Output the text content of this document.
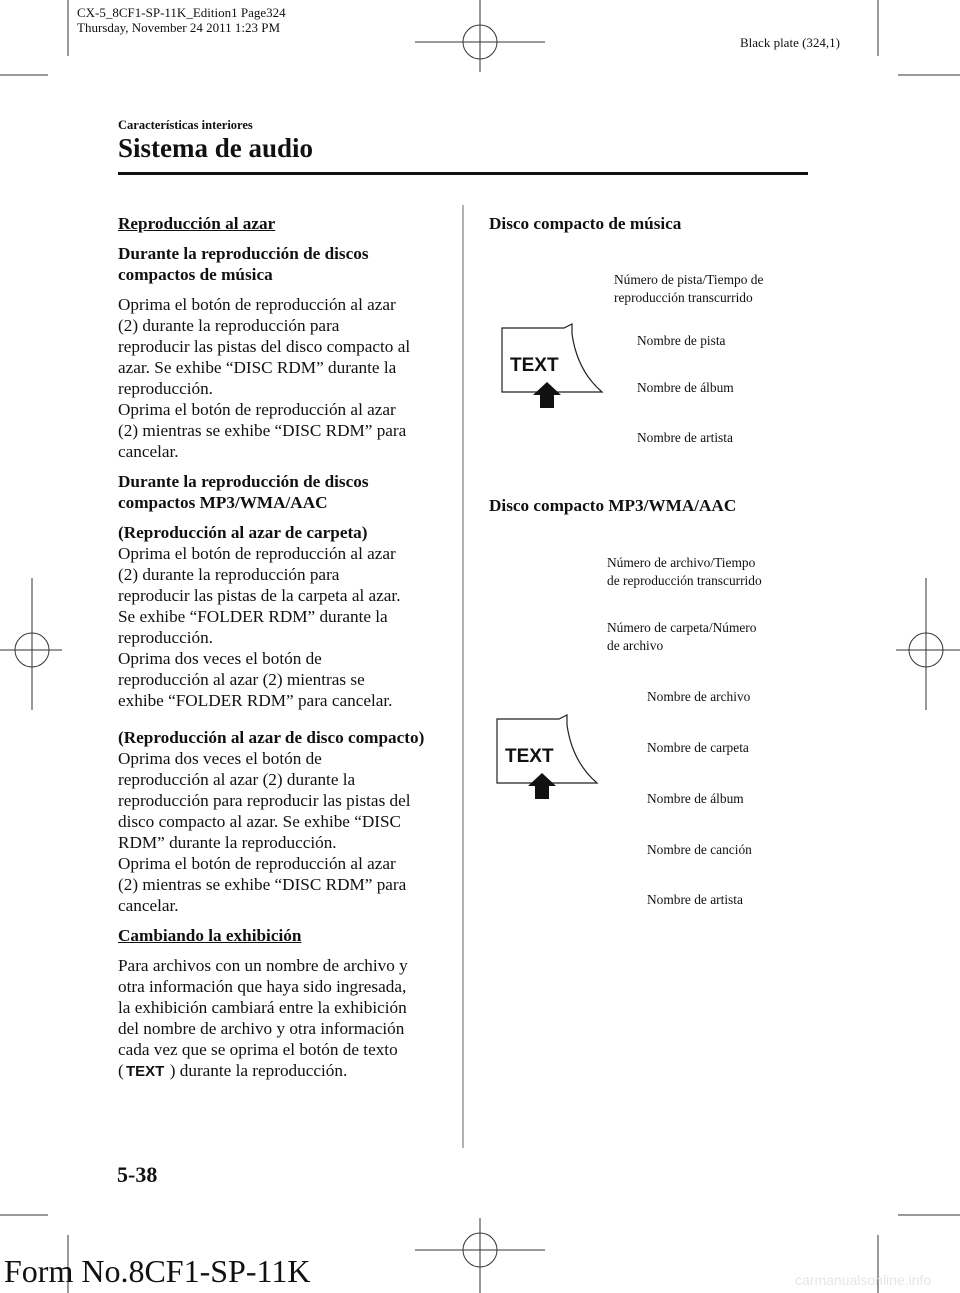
CX-5_8CF1-SP-11K_Edition1 Page324
Thursday, November 24 2011 1:23 PM
Black plate (324,1)
Características interiores
Sistema de audio

Reproducción al azar

Durante la reproducción de discos compactos de música

Oprima el botón de reproducción al azar
(2) durante la reproducción para
reproducir las pistas del disco compacto al
azar. Se exhibe “DISC RDM” durante la
reproducción.
Oprima el botón de reproducción al azar
(2) mientras se exhibe “DISC RDM” para
cancelar.

Durante la reproducción de discos compactos MP3/WMA/AAC

(Reproducción al azar de carpeta)
Oprima el botón de reproducción al azar
(2) durante la reproducción para
reproducir las pistas de la carpeta al azar.
Se exhibe “FOLDER RDM” durante la
reproducción.
Oprima dos veces el botón de
reproducción al azar (2) mientras se
exhibe “FOLDER RDM” para cancelar.

(Reproducción al azar de disco compacto)
Oprima dos veces el botón de
reproducción al azar (2) durante la
reproducción para reproducir las pistas del
disco compacto al azar. Se exhibe “DISC
RDM” durante la reproducción.
Oprima el botón de reproducción al azar
(2) mientras se exhibe “DISC RDM” para
cancelar.

Cambiando la exhibición

Para archivos con un nombre de archivo y
otra información que haya sido ingresada,
la exhibición cambiará entre la exhibición
del nombre de archivo y otra información
cada vez que se oprima el botón de texto
( TEXT ) durante la reproducción.

Disco compacto de música
TEXT
Número de pista/Tiempo de
reproducción transcurrido
Nombre de pista
Nombre de álbum
Nombre de artista
Disco compacto MP3/WMA/AAC
TEXT
Número de archivo/Tiempo
de reproducción transcurrido
Número de carpeta/Número
de archivo
Nombre de archivo
Nombre de carpeta
Nombre de álbum
Nombre de canción
Nombre de artista
5-38
Form No.8CF1-SP-11K	carmanualsonline.info
